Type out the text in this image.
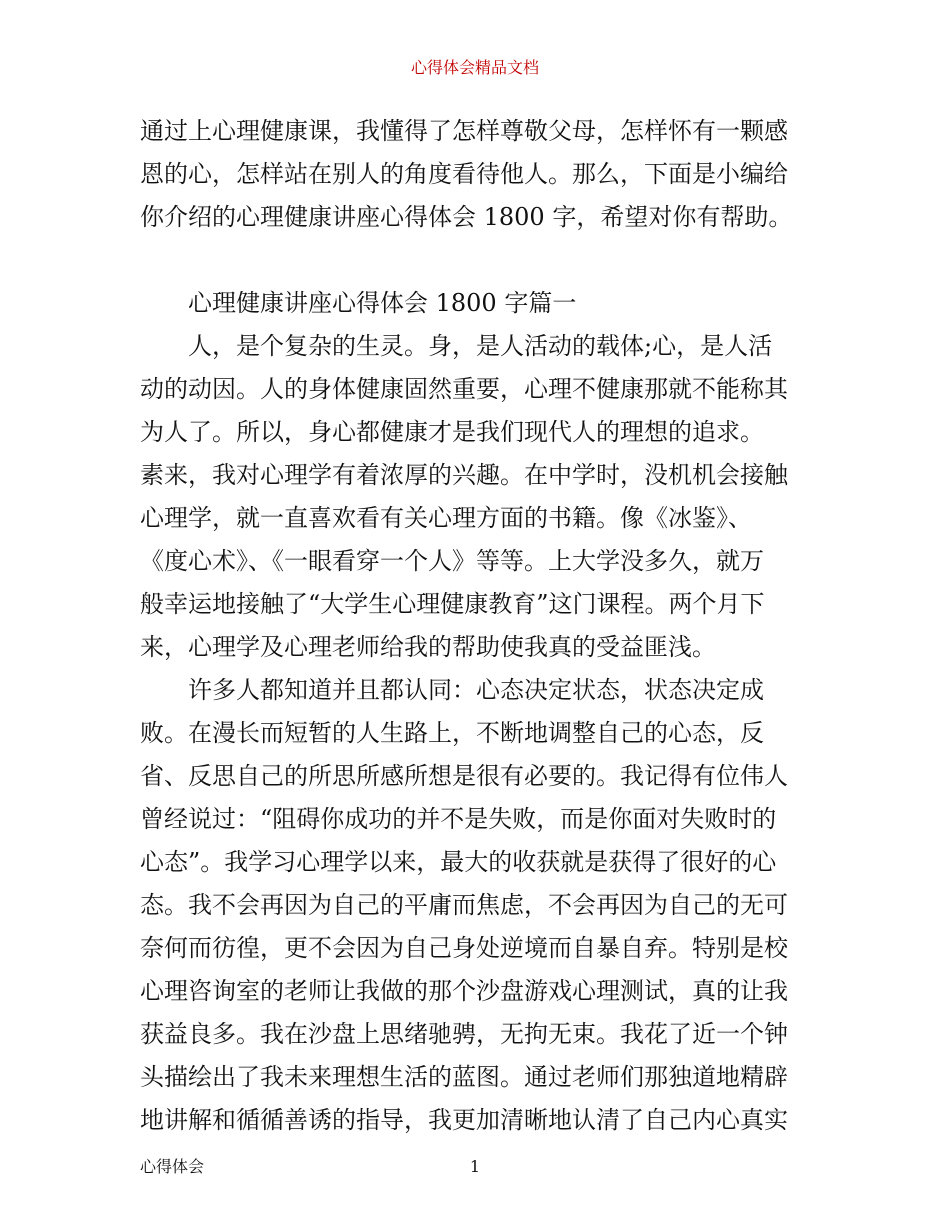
心得体会精品文档

通过上心理健康课，我懂得了怎样尊敬父母，怎样怀有一颗感
恩的心，怎样站在别人的角度看待他人。那么，下面是小编给
你介绍的心理健康讲座心得体会 1800 字，希望对你有帮助。

　　心理健康讲座心得体会 1800 字篇一

　　人，是个复杂的生灵。身，是人活动的载体;心，是人活
动的动因。人的身体健康固然重要，心理不健康那就不能称其
为人了。所以，身心都健康才是我们现代人的理想的追求。
素来，我对心理学有着浓厚的兴趣。在中学时，没机机会接触
心理学，就一直喜欢看有关心理方面的书籍。像《冰鉴》、
《度心术》、《一眼看穿一个人》等等。上大学没多久，就万
般幸运地接触了“大学生心理健康教育”这门课程。两个月下
来，心理学及心理老师给我的帮助使我真的受益匪浅。

　　许多人都知道并且都认同：心态决定状态，状态决定成
败。在漫长而短暂的人生路上，不断地调整自己的心态，反
省、反思自己的所思所感所想是很有必要的。我记得有位伟人
曾经说过：“阻碍你成功的并不是失败，而是你面对失败时的
心态”。我学习心理学以来，最大的收获就是获得了很好的心
态。我不会再因为自己的平庸而焦虑，不会再因为自己的无可
奈何而彷徨，更不会因为自己身处逆境而自暴自弃。特别是校
心理咨询室的老师让我做的那个沙盘游戏心理测试，真的让我
获益良多。我在沙盘上思绪驰骋，无拘无束。我花了近一个钟
头描绘出了我未来理想生活的蓝图。通过老师们那独道地精辟
地讲解和循循善诱的指导，我更加清晰地认清了自己内心真实

心得体会	1
